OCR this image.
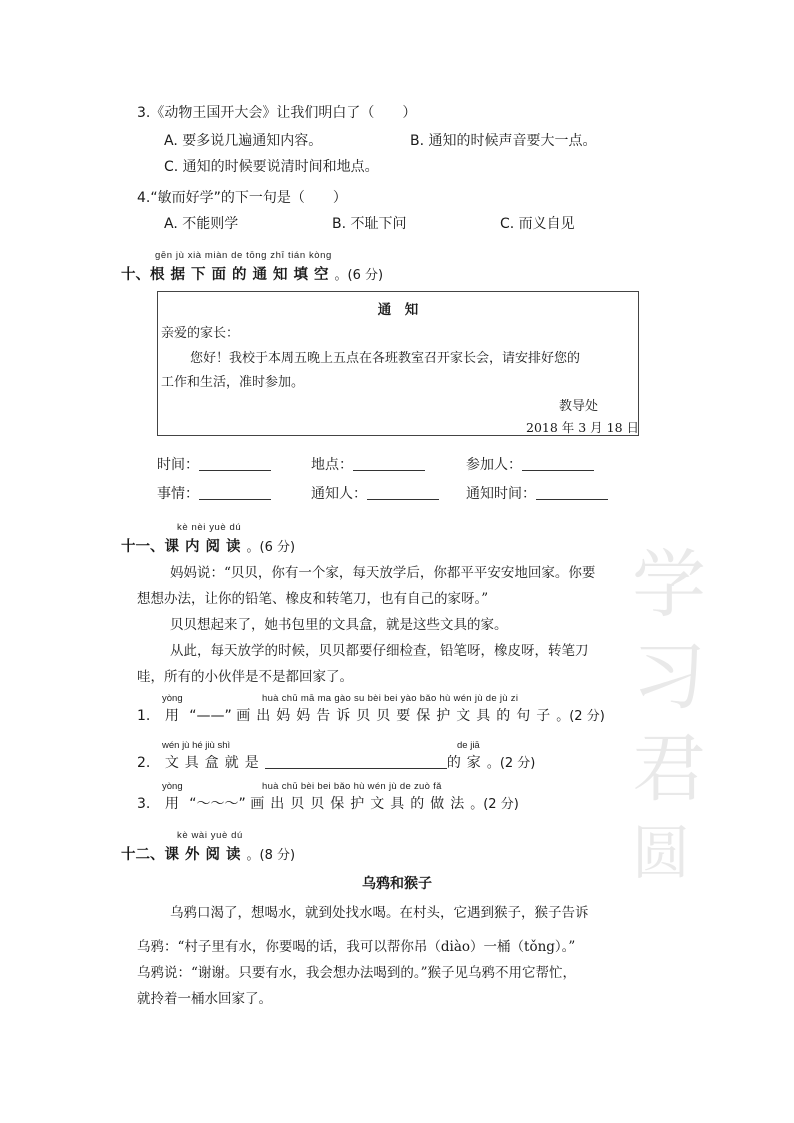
学
习
君
圆
3.《动物王国开大会》让我们明白了（　　）
A. 要多说几遍通知内容。	B. 通知的时候声音要大一点。
C. 通知的时候要说清时间和地点。
4.“敏而好学”的下一句是（　　）
A. 不能则学	B. 不耻下问	C. 而义自见
gēn jù xià miàn de tōng zhī tián kòng
十、根据下面的通知填空。(6 分)
通　知
亲爱的家长：
您好！我校于本周五晚上五点在各班教室召开家长会，请安排好您的
工作和生活，准时参加。
教导处
2018 年 3 月 18 日
时间：	地点：	参加人：
事情：	通知人：	通知时间：
kè nèi yuè dú
十一、课内阅读。(6 分)
妈妈说：“贝贝，你有一个家，每天放学后，你都平平安安地回家。你要
想想办法，让你的铅笔、橡皮和转笔刀，也有自己的家呀。”
贝贝想起来了，她书包里的文具盒，就是这些文具的家。
从此，每天放学的时候，贝贝都要仔细检查，铅笔呀，橡皮呀，转笔刀
哇，所有的小伙伴是不是都回家了。
yòng	huà chū mā ma gào su bèi bei yào bǎo hù wén jù de jù zi
1. 用 “——” 画出妈妈告诉贝贝要保护文具的句子。(2 分)
wén jù hé jiù shì	de jiā
2. 文具盒就是	的家。(2 分)
yòng	huà chū bèi bei bǎo hù wén jù de zuò fǎ
3. 用 “～～～” 画出贝贝保护文具的做法。(2 分)
kè wài yuè dú
十二、课外阅读。(8 分)
乌鸦和猴子
乌鸦口渴了，想喝水，就到处找水喝。在村头，它遇到猴子，猴子告诉
乌鸦：“村子里有水，你要喝的话，我可以帮你吊（diào）一桶（tǒng）。”
乌鸦说：“谢谢。只要有水，我会想办法喝到的。”猴子见乌鸦不用它帮忙，
就拎着一桶水回家了。
